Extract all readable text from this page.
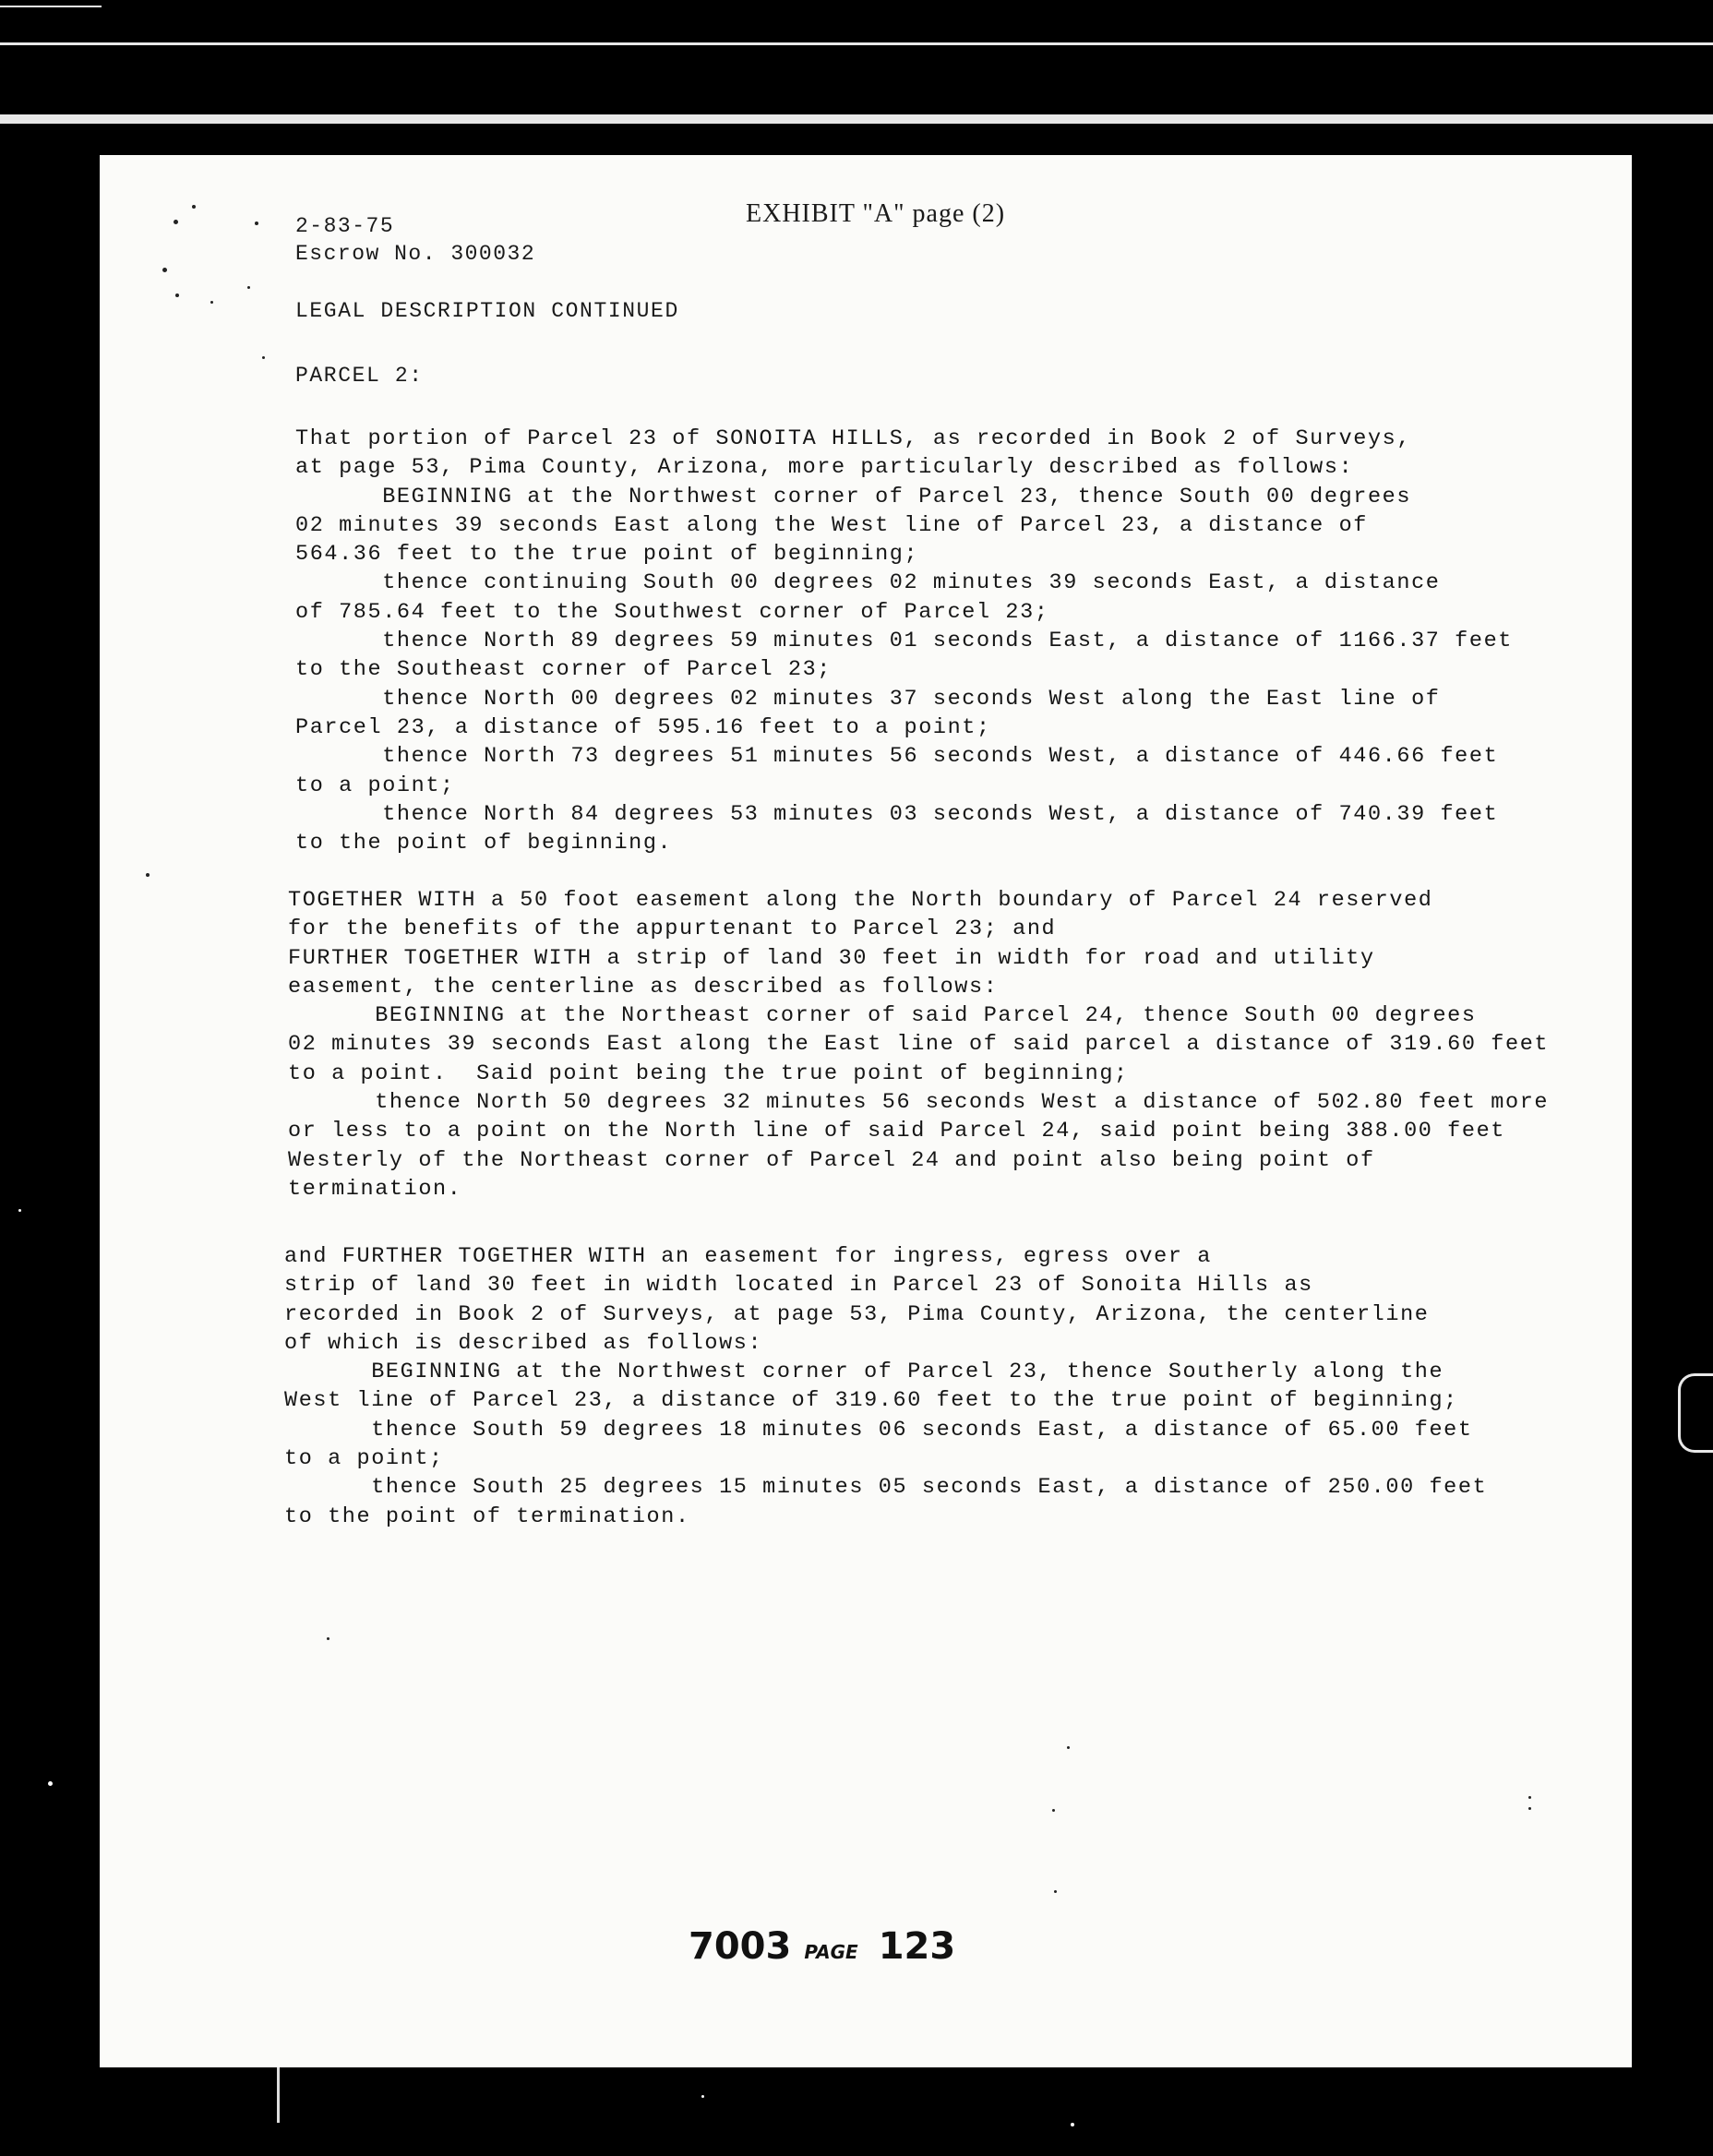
EXHIBIT "A" page (2)
2-83-75
Escrow No. 300032
LEGAL DESCRIPTION CONTINUED
PARCEL 2:
That portion of Parcel 23 of SONOITA HILLS, as recorded in Book 2 of Surveys,
at page 53, Pima County, Arizona, more particularly described as follows:
BEGINNING at the Northwest corner of Parcel 23, thence South 00 degrees
02 minutes 39 seconds East along the West line of Parcel 23, a distance of
564.36 feet to the true point of beginning;
thence continuing South 00 degrees 02 minutes 39 seconds East, a distance
of 785.64 feet to the Southwest corner of Parcel 23;
thence North 89 degrees 59 minutes 01 seconds East, a distance of 1166.37 feet
to the Southeast corner of Parcel 23;
thence North 00 degrees 02 minutes 37 seconds West along the East line of
Parcel 23, a distance of 595.16 feet to a point;
thence North 73 degrees 51 minutes 56 seconds West, a distance of 446.66 feet
to a point;
thence North 84 degrees 53 minutes 03 seconds West, a distance of 740.39 feet
to the point of beginning.
TOGETHER WITH a 50 foot easement along the North boundary of Parcel 24 reserved
for the benefits of the appurtenant to Parcel 23; and
FURTHER TOGETHER WITH a strip of land 30 feet in width for road and utility
easement, the centerline as described as follows:
BEGINNING at the Northeast corner of said Parcel 24, thence South 00 degrees
02 minutes 39 seconds East along the East line of said parcel a distance of 319.60 feet
to a point.  Said point being the true point of beginning;
thence North 50 degrees 32 minutes 56 seconds West a distance of 502.80 feet more
or less to a point on the North line of said Parcel 24, said point being 388.00 feet
Westerly of the Northeast corner of Parcel 24 and point also being point of
termination.
and FURTHER TOGETHER WITH an easement for ingress, egress over a
strip of land 30 feet in width located in Parcel 23 of Sonoita Hills as
recorded in Book 2 of Surveys, at page 53, Pima County, Arizona, the centerline
of which is described as follows:
BEGINNING at the Northwest corner of Parcel 23, thence Southerly along the
West line of Parcel 23, a distance of 319.60 feet to the true point of beginning;
thence South 59 degrees 18 minutes 06 seconds East, a distance of 65.00 feet
to a point;
thence South 25 degrees 15 minutes 05 seconds East, a distance of 250.00 feet
to the point of termination.
7003 PAGE 123
